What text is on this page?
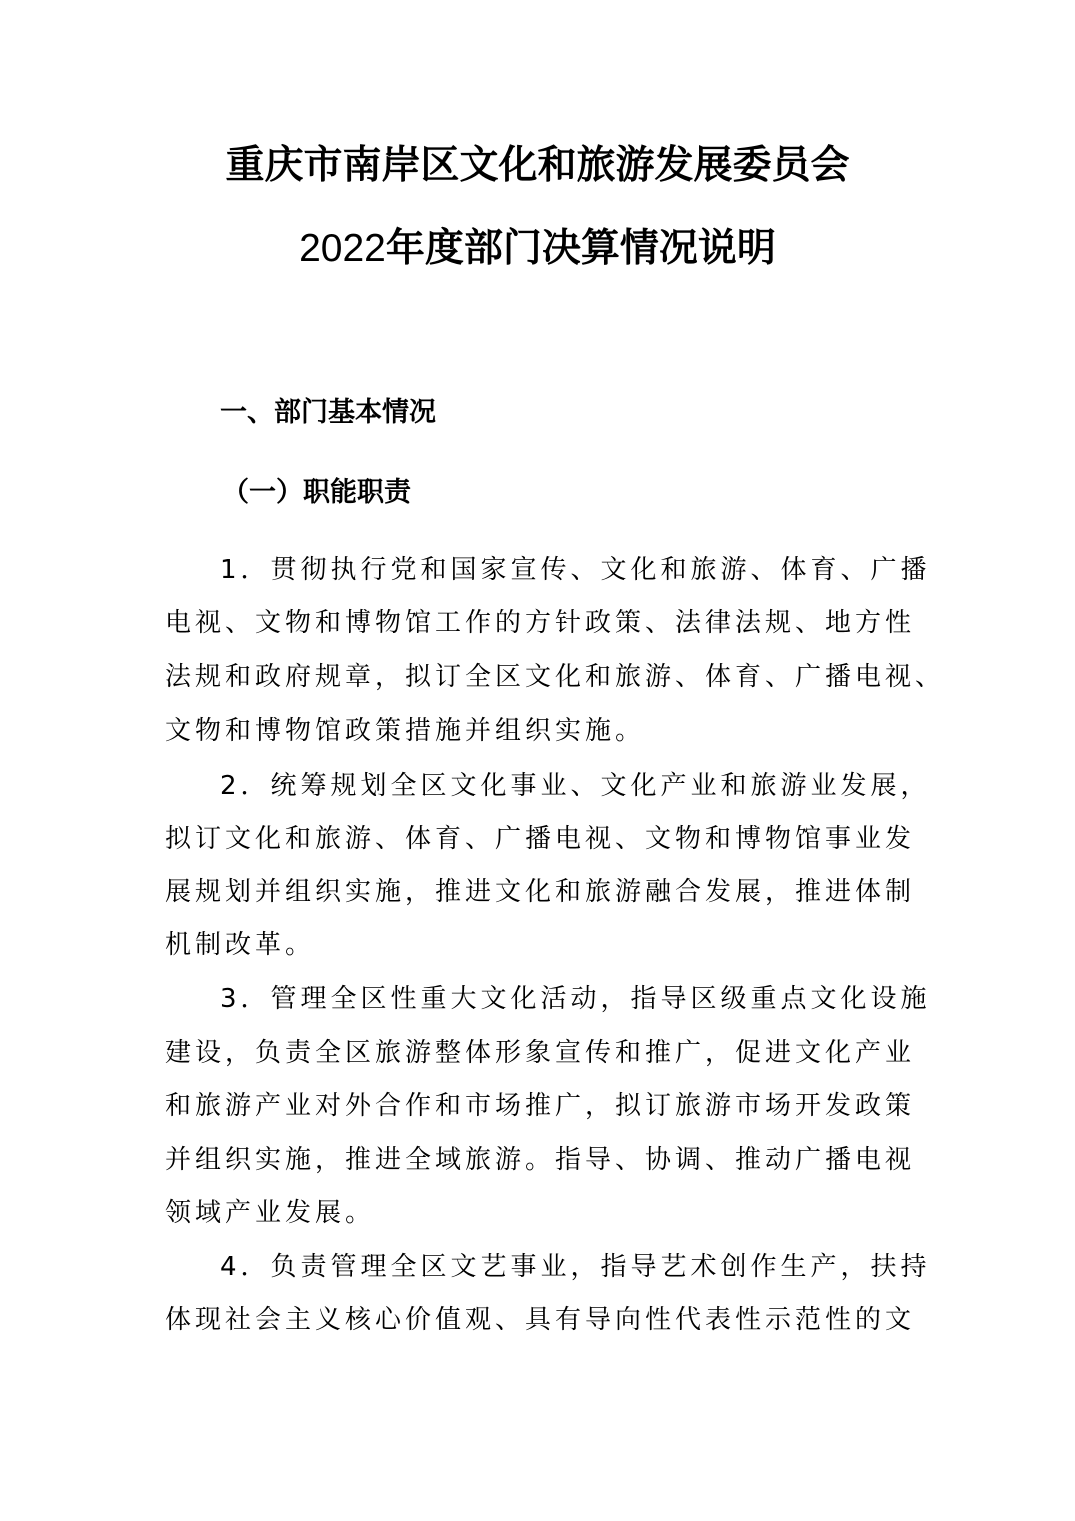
重庆市南岸区文化和旅游发展委员会
2022年度部门决算情况说明
一、部门基本情况
（一）职能职责

1．贯彻执行党和国家宣传、文化和旅游、体育、广播

电视、文物和博物馆工作的方针政策、法律法规、地方性

法规和政府规章，拟订全区文化和旅游、体育、广播电视、

文物和博物馆政策措施并组织实施。

2．统筹规划全区文化事业、文化产业和旅游业发展，

拟订文化和旅游、体育、广播电视、文物和博物馆事业发

展规划并组织实施，推进文化和旅游融合发展，推进体制

机制改革。

3．管理全区性重大文化活动，指导区级重点文化设施

建设，负责全区旅游整体形象宣传和推广，促进文化产业

和旅游产业对外合作和市场推广，拟订旅游市场开发政策

并组织实施，推进全域旅游。指导、协调、推动广播电视

领域产业发展。

4．负责管理全区文艺事业，指导艺术创作生产，扶持

体现社会主义核心价值观、具有导向性代表性示范性的文
